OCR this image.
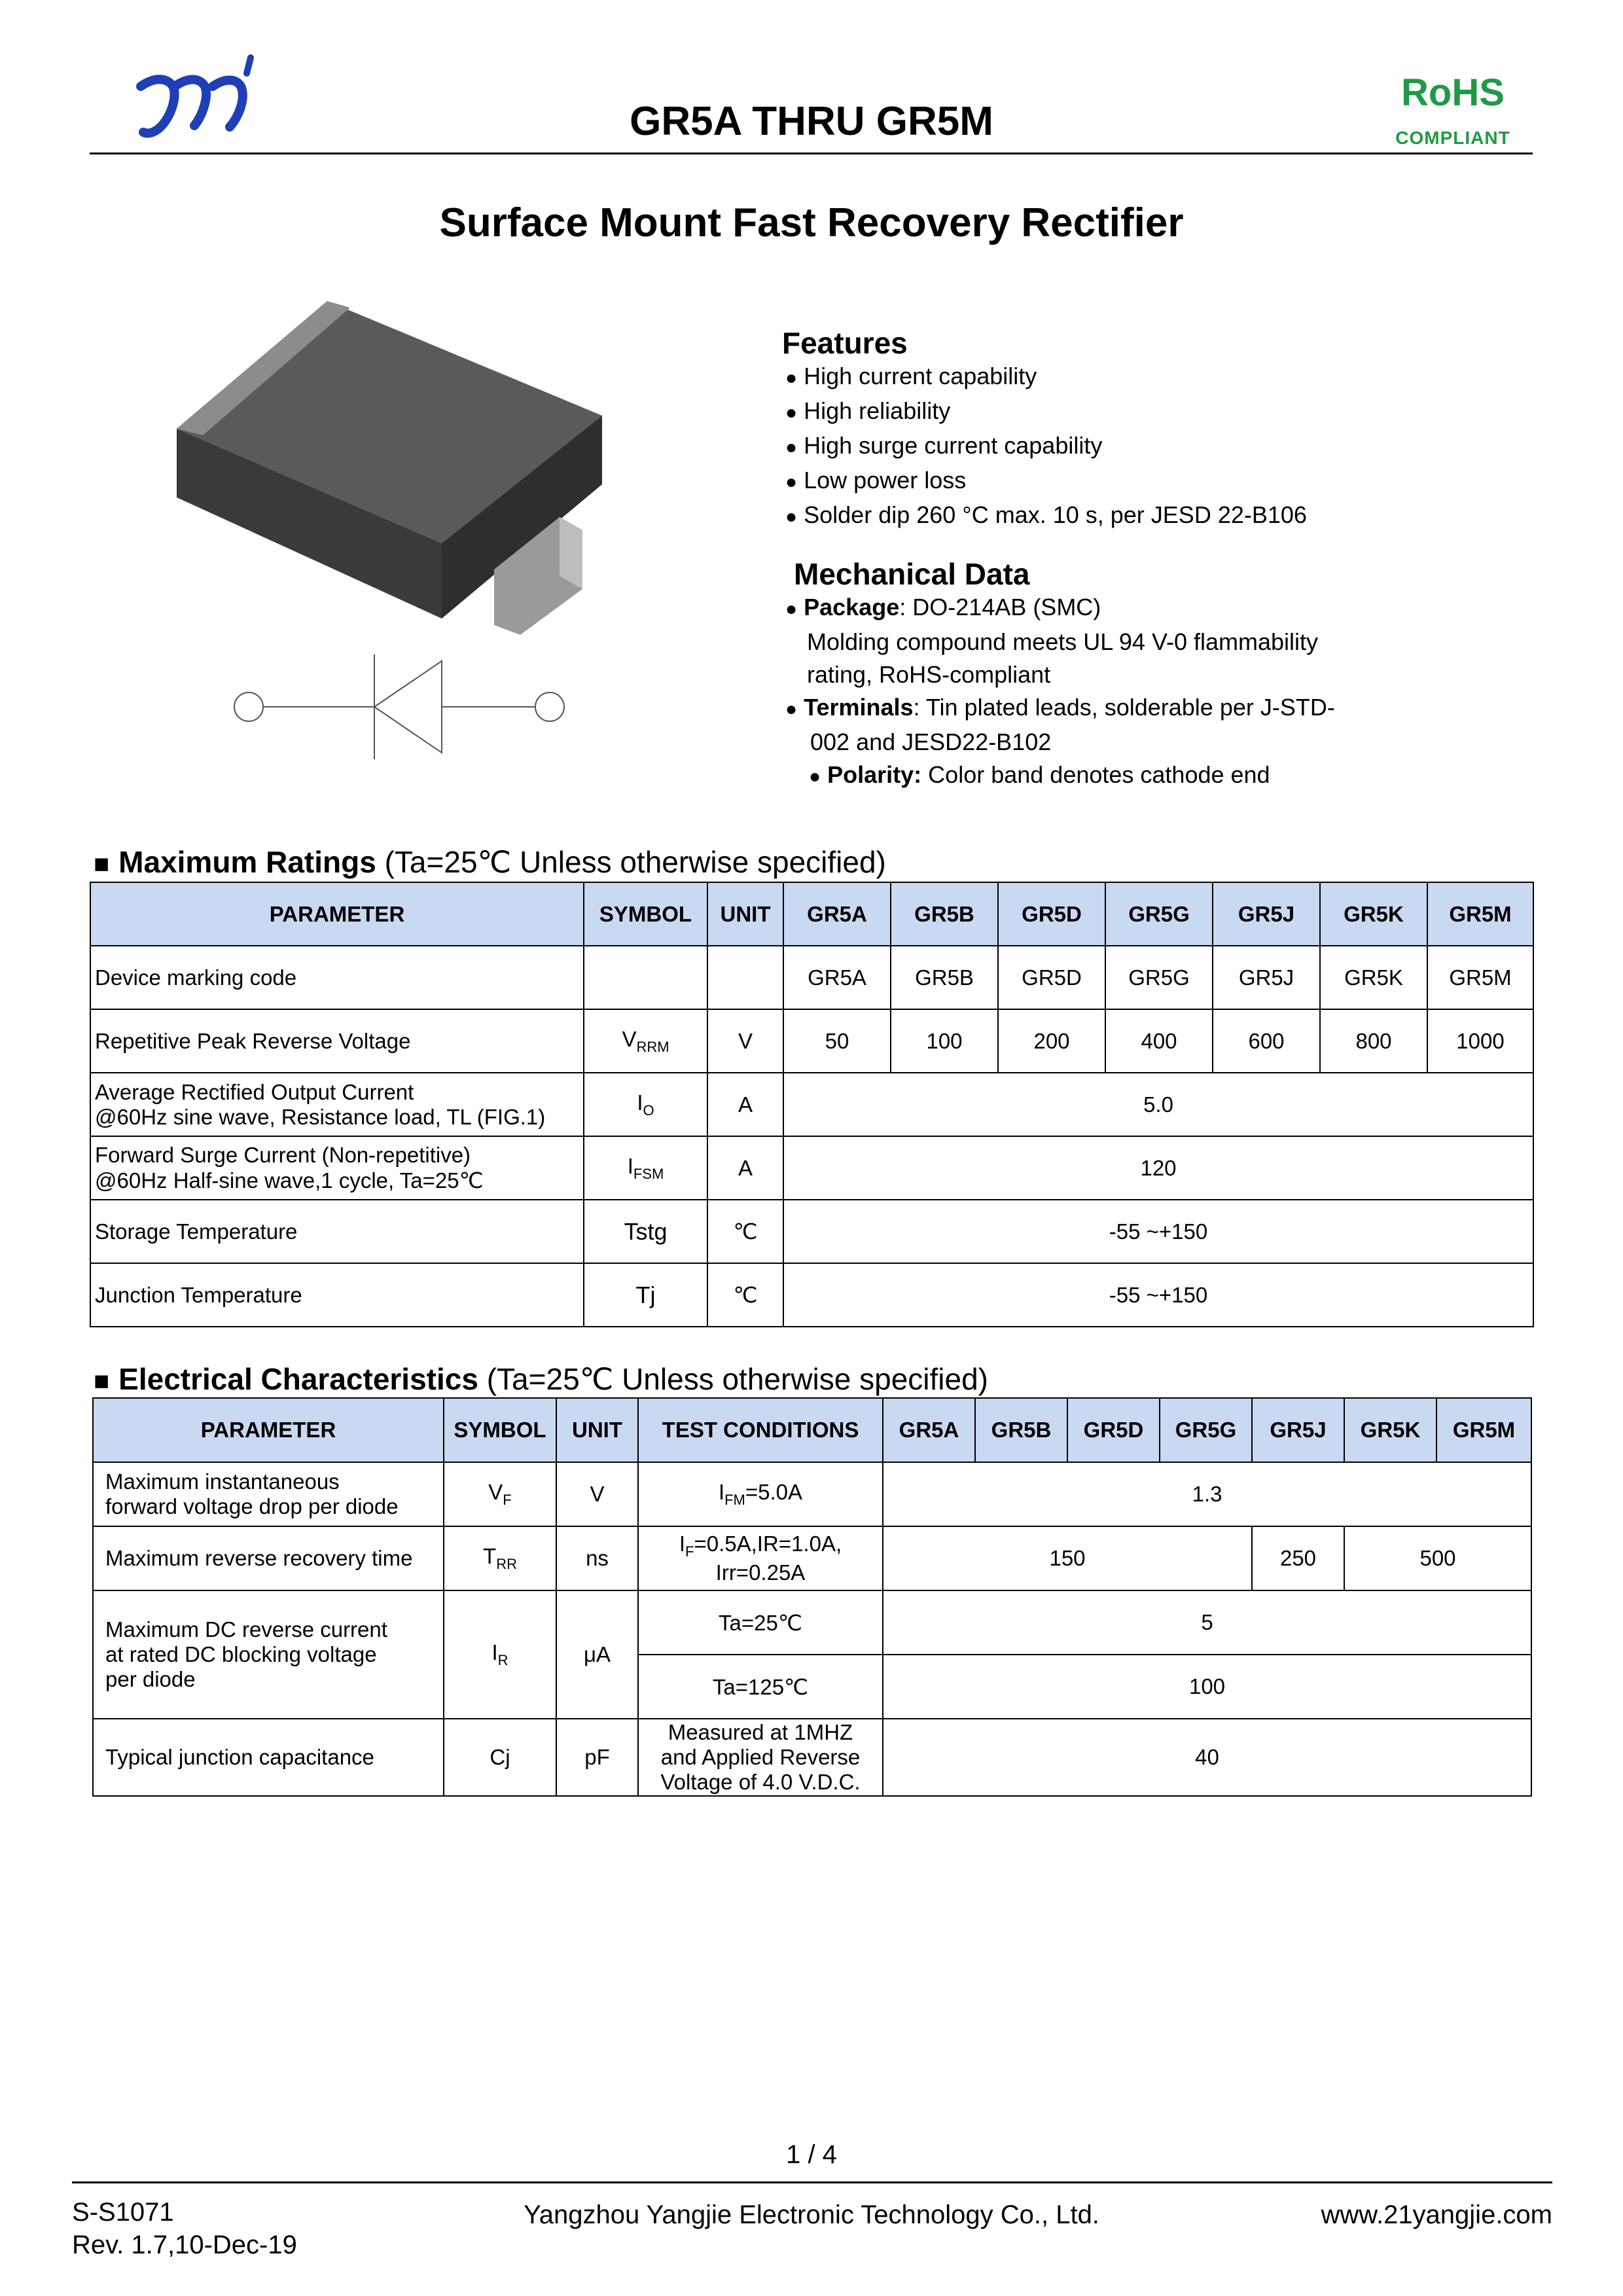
GR5A THRU GR5M
RoHS
COMPLIANT
Surface Mount Fast Recovery Rectifier
Features
● High current capability
● High reliability
● High surge current capability
● Low power loss
● Solder dip 260 °C max. 10 s, per JESD 22-B106
Mechanical Data
● Package: DO-214AB (SMC)
Molding compound meets UL 94 V-0 flammability
rating, RoHS-compliant
● Terminals: Tin plated leads, solderable per J-STD-
002 and JESD22-B102
● Polarity: Color band denotes cathode end
■ Maximum Ratings (Ta=25℃ Unless otherwise specified)
PARAMETER	SYMBOL	UNIT	GR5A	GR5B	GR5D	GR5G	GR5J	GR5K	GR5M
Device marking code			GR5A	GR5B	GR5D	GR5G	GR5J	GR5K	GR5M
Repetitive Peak Reverse Voltage	$V_{RRM}$	V	50	100	200	400	600	800	1000

Average Rectified Output Current
@60Hz sine wave, Resistance load, TL (FIG.1)	$I_O$	A	5.0						

Forward Surge Current (Non-repetitive)
@60Hz Half-sine wave,1 cycle, Ta=25℃	$I_{FSM}$	A	120						
Storage Temperature	Tstg	℃	-55 ~+150						
Junction Temperature	Tj	℃	-55 ~+150						
■ Electrical Characteristics (Ta=25℃ Unless otherwise specified)
PARAMETER	SYMBOL	UNIT	TEST CONDITIONS	GR5A	GR5B	GR5D	GR5G	GR5J	GR5K	GR5M

Maximum instantaneous
forward voltage drop per diode	$V_F$	V	$I_{FM}=5.0A$	1.3						
Maximum reverse recovery time	$T_{RR}$	ns	$I_F=0.5A,IR=1.0A$,
Irr=0.25A	150				250	500	

Maximum DC reverse current
at rated DC blocking voltage
per diode	$I_R$	μA	Ta=25℃	5						
			Ta=125℃	100						
Typical junction capacitance	Cj	pF	Measured at 1MHZ
and Applied Reverse
Voltage of 4.0 V.D.C.	40						
1 / 4
S-S1071
Rev. 1.7,10-Dec-19
Yangzhou Yangjie Electronic Technology Co., Ltd.	www.21yangjie.com
